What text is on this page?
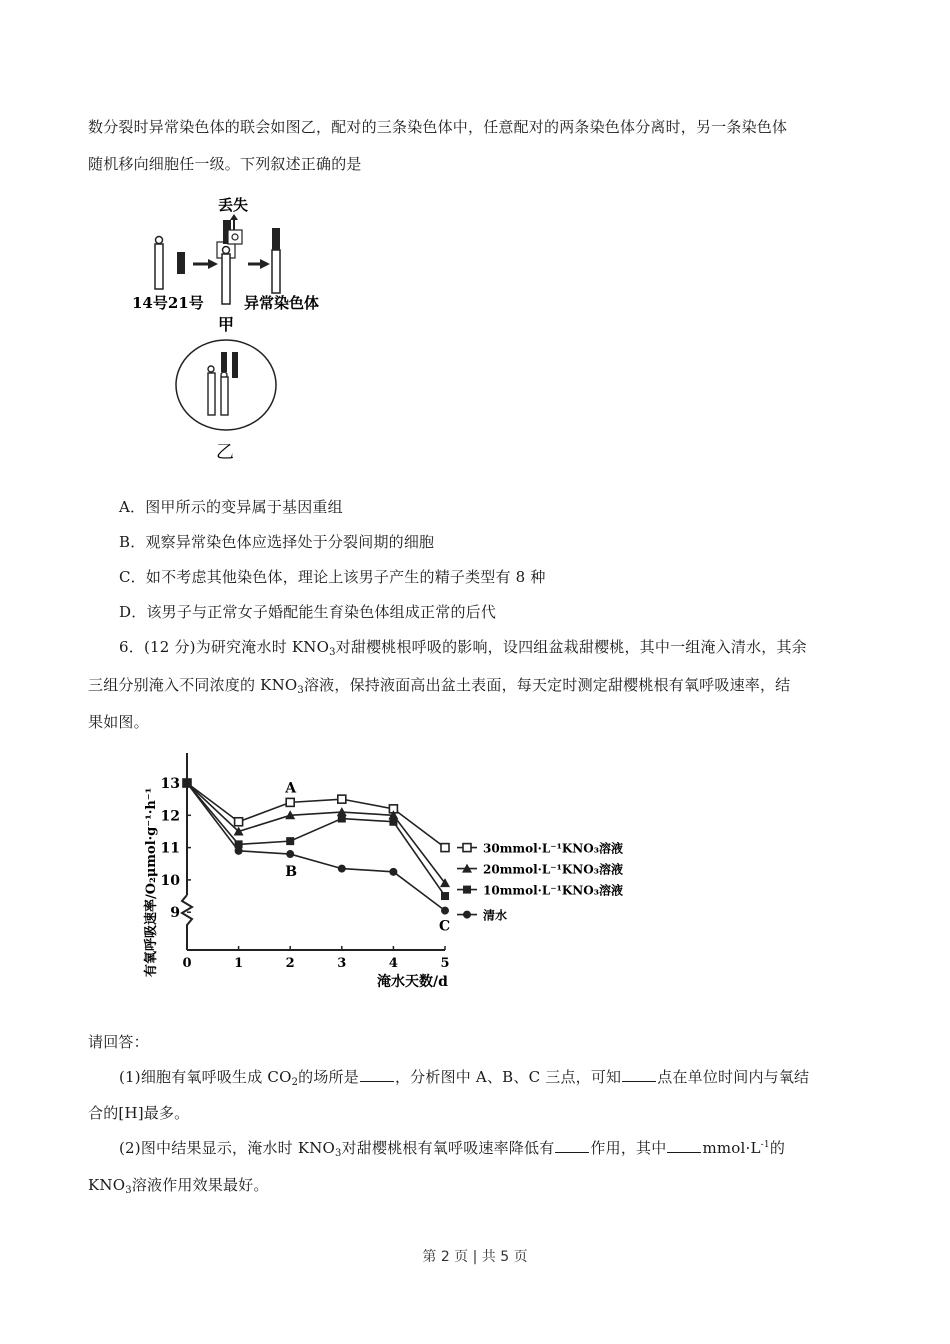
数分裂时异常染色体的联会如图乙，配对的三条染色体中，任意配对的两条染色体分离时，另一条染色体
随机移向细胞任一级。下列叙述正确的是
丢失
14号21号	异常染色体
甲
乙
A．图甲所示的变异属于基因重组
B．观察异常染色体应选择处于分裂间期的细胞
C．如不考虑其他染色体，理论上该男子产生的精子类型有 8 种
D．该男子与正常女子婚配能生育染色体组成正常的后代
6．(12 分)为研究淹水时 $KNO_3$对甜樱桃根呼吸的影响，设四组盆栽甜樱桃，其中一组淹入清水，其余
三组分别淹入不同浓度的 $KNO_3$溶液，保持液面高出盆土表面，每天定时测定甜樱桃根有氧呼吸速率，结
果如图。
9
10
11
12
13
0	1	2	3	4	5
淹水天数/d
有氧呼吸速率/O₂μmol·g⁻¹·h⁻¹	A
B
C
30mmol·L⁻¹KNO₃溶液
20mmol·L⁻¹KNO₃溶液
10mmol·L⁻¹KNO₃溶液
清水
请回答：
(1)细胞有氧呼吸生成 $CO_2$的场所是 ，分析图中 A、B、C 三点，可知 点在单位时间内与氧结
合的[H]最多。
(2)图中结果显示，淹水时 $KNO_3$对甜樱桃根有氧呼吸速率降低有 作用，其中 $mmol\cdot L^{-1}$的
$KNO_3$溶液作用效果最好。
第 2 页 | 共 5 页
